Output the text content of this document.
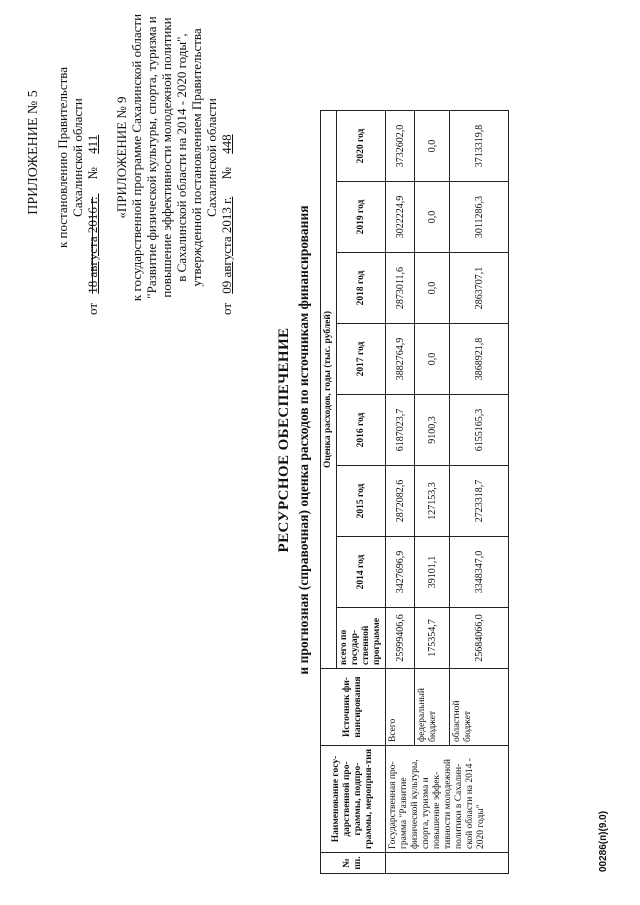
ПРИЛОЖЕНИЕ № 5 к постановлению Правительства Сахалинской области
от 18 августа 2016 г. № 411 «ПРИЛОЖЕНИЕ № 9 к государственной программе Сахалинской области "Развитие физической культуры, спорта, туризма и повышение эффективности молодежной политики в Сахалинской области на 2014 - 2020 годы", утвержденной постановлением Правительства Сахалинской области
от 09 августа 2013 г. № 448
РЕСУРСНОЕ ОБЕСПЕЧЕНИЕ и прогнозная (справочная) оценка расходов по источникам финансирования
№ пп.	Наименование госу-дарственной про-граммы, подпро-граммы, мероприя-тия	Источник фи-нансирования	Оценка расходов, годы (тыс. рублей)							
			всего по государ-ственной программе	2014 год	2015 год	2016 год	2017 год	2018 год	2019 год	2020 год
	Государственная про-грамма "Развитие физической культуры, спорта, туризма и повышение эффек-тивности молодежной политики в Сахалин-ской области на 2014 - 2020 годы"	Всего	25999406,6	3427696,9	2872082,6	6187023,7	3882764,9	2873011,6	3022224,9	3732602,0
		федеральный бюджет	175354,7	39101,1	127153,3	9100,3	0,0	0,0	0,0	0,0
		областной бюджет	25684066,0	3348347,0	2723318,7	6155165,3	3868921,8	2863707,1	3011286,3	3713319,8
00286(п)(9.0)
